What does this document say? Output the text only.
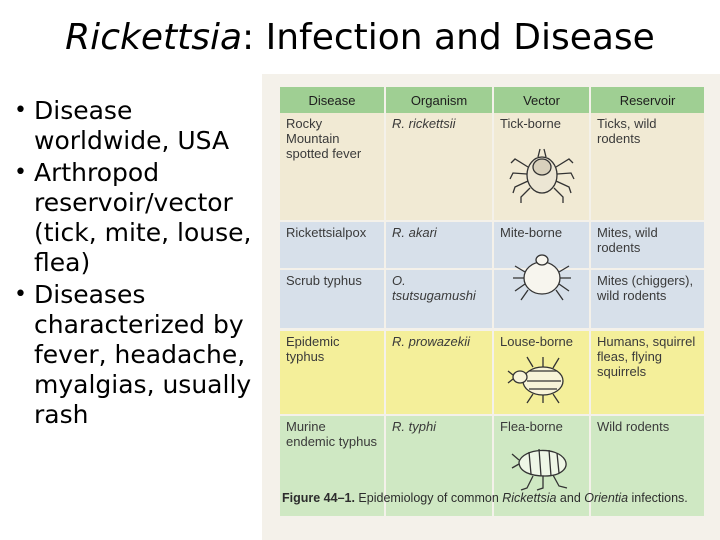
Rickettsia: Infection and Disease
• Disease worldwide, USA
• Arthropod reservoir/vector (tick, mite, louse, flea)
• Diseases characterized by fever, headache, myalgias, usually rash
Disease	Organism	Vector	Reservoir
Rocky Mountain spotted fever	R. rickettsii	Tick-borne	Ticks, wild rodents
Rickettsialpox	R. akari	Mite-borne	Mites, wild rodents
Scrub typhus	O. tsutsugamushi		Mites (chiggers), wild rodents
Epidemic typhus	R. prowazekii	Louse-borne	Humans, squirrel fleas, flying squirrels
Murine endemic typhus	R. typhi	Flea-borne	Wild rodents
Figure 44–1. Epidemiology of common Rickettsia and Orientia infections.
